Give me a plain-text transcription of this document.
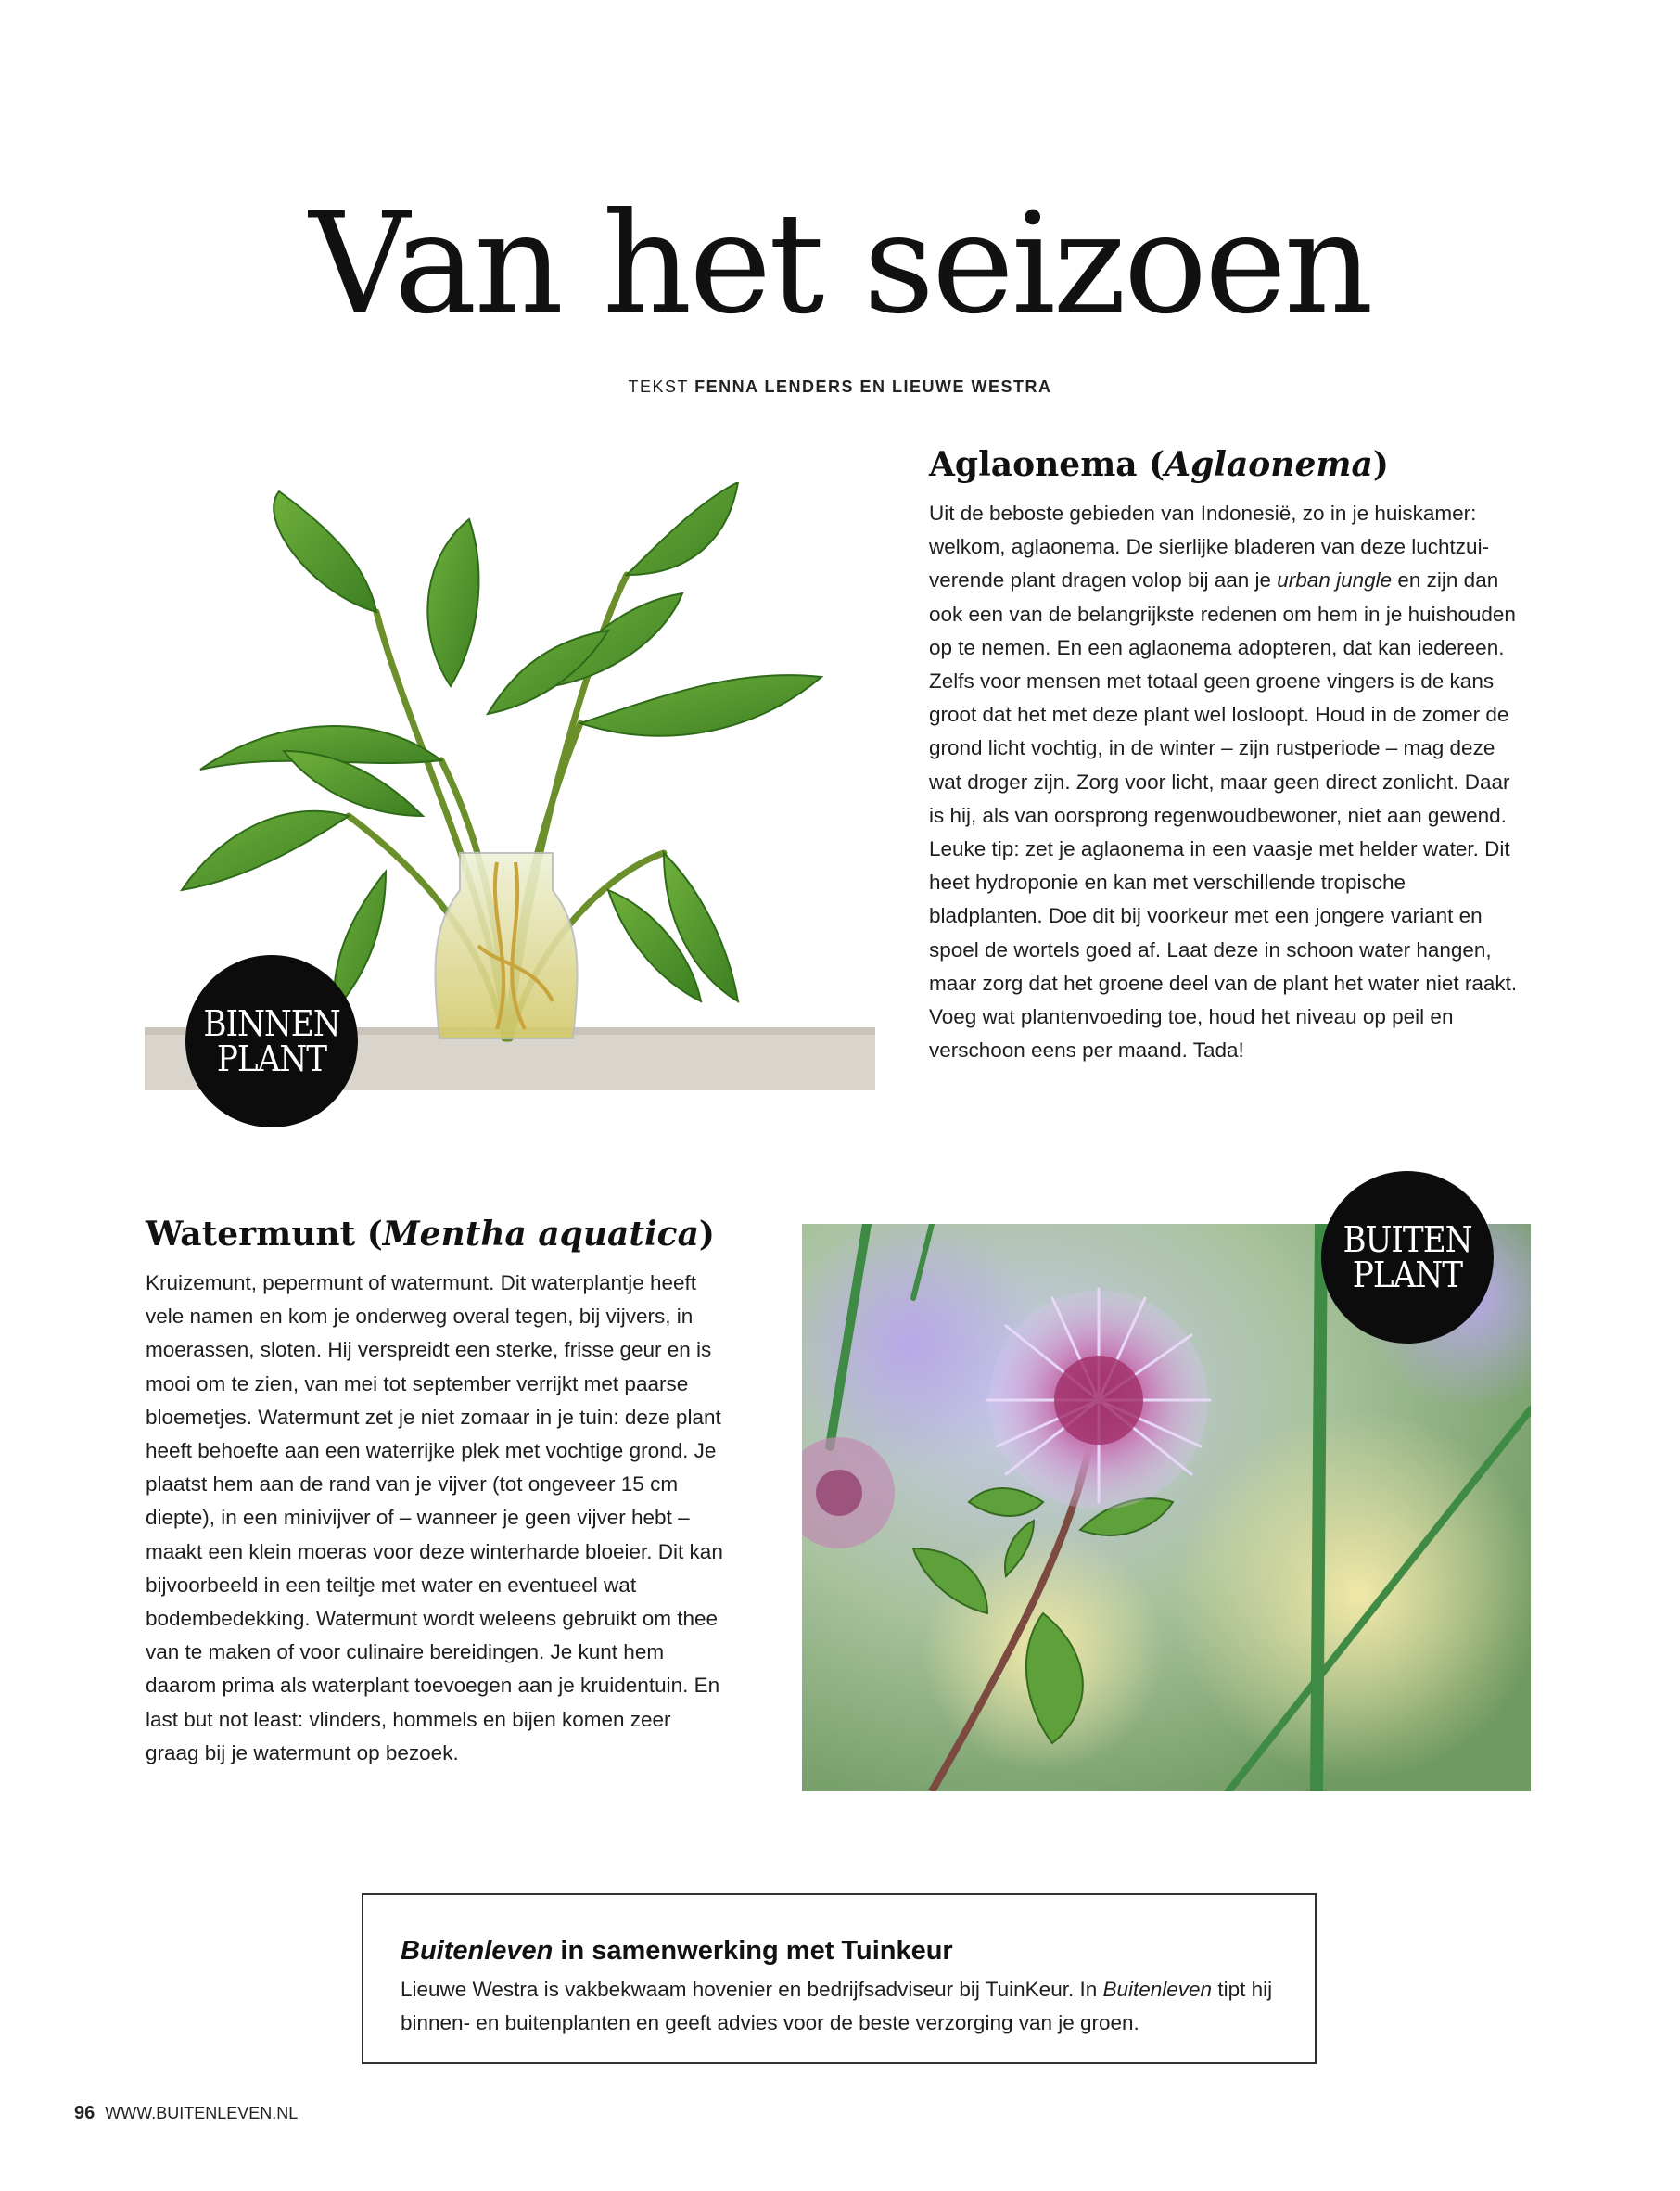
Van het seizoen
TEKST FENNA LENDERS EN LIEUWE WESTRA
BINNEN
PLANT
Aglaonema (Aglaonema)

Uit de beboste gebieden van Indonesië, zo in je huiskamer: welkom, aglaonema. De sierlijke bladeren van deze luchtzui-verende plant dragen volop bij aan je urban jungle en zijn dan ook een van de belangrijkste redenen om hem in je huishouden op te nemen. En een aglaonema adopteren, dat kan iedereen. Zelfs voor mensen met totaal geen groene vingers is de kans groot dat het met deze plant wel losloopt. Houd in de zomer de grond licht vochtig, in de winter – zijn rustperiode – mag deze wat droger zijn. Zorg voor licht, maar geen direct zonlicht. Daar is hij, als van oorsprong regenwoudbewoner, niet aan gewend. Leuke tip: zet je aglaonema in een vaasje met helder water. Dit heet hydroponie en kan met verschillende tropische bladplanten. Doe dit bij voorkeur met een jongere variant en spoel de wortels goed af. Laat deze in schoon water hangen, maar zorg dat het groene deel van de plant het water niet raakt. Voeg wat plantenvoeding toe, houd het niveau op peil en verschoon eens per maand. Tada!

Watermunt (Mentha aquatica)

Kruizemunt, pepermunt of watermunt. Dit waterplantje heeft vele namen en kom je onderweg overal tegen, bij vijvers, in moerassen, sloten. Hij verspreidt een sterke, frisse geur en is mooi om te zien, van mei tot september verrijkt met paarse bloemetjes. Watermunt zet je niet zomaar in je tuin: deze plant heeft behoefte aan een waterrijke plek met vochtige grond. Je plaatst hem aan de rand van je vijver (tot ongeveer 15 cm diepte), in een minivijver of – wanneer je geen vijver hebt – maakt een klein moeras voor deze winterharde bloeier. Dit kan bijvoorbeeld in een teiltje met water en eventueel wat bodembedekking. Watermunt wordt weleens gebruikt om thee van te maken of voor culinaire bereidingen. Je kunt hem daarom prima als waterplant toevoegen aan je kruidentuin. En last but not least: vlinders, hommels en bijen komen zeer graag bij je watermunt op bezoek.

BUITEN
PLANT
Buitenleven in samenwerking met Tuinkeur
Lieuwe Westra is vakbekwaam hovenier en bedrijfsadviseur bij TuinKeur. In Buitenleven tipt hij binnen- en buitenplanten en geeft advies voor de beste verzorging van je groen.
96 WWW.BUITENLEVEN.NL
